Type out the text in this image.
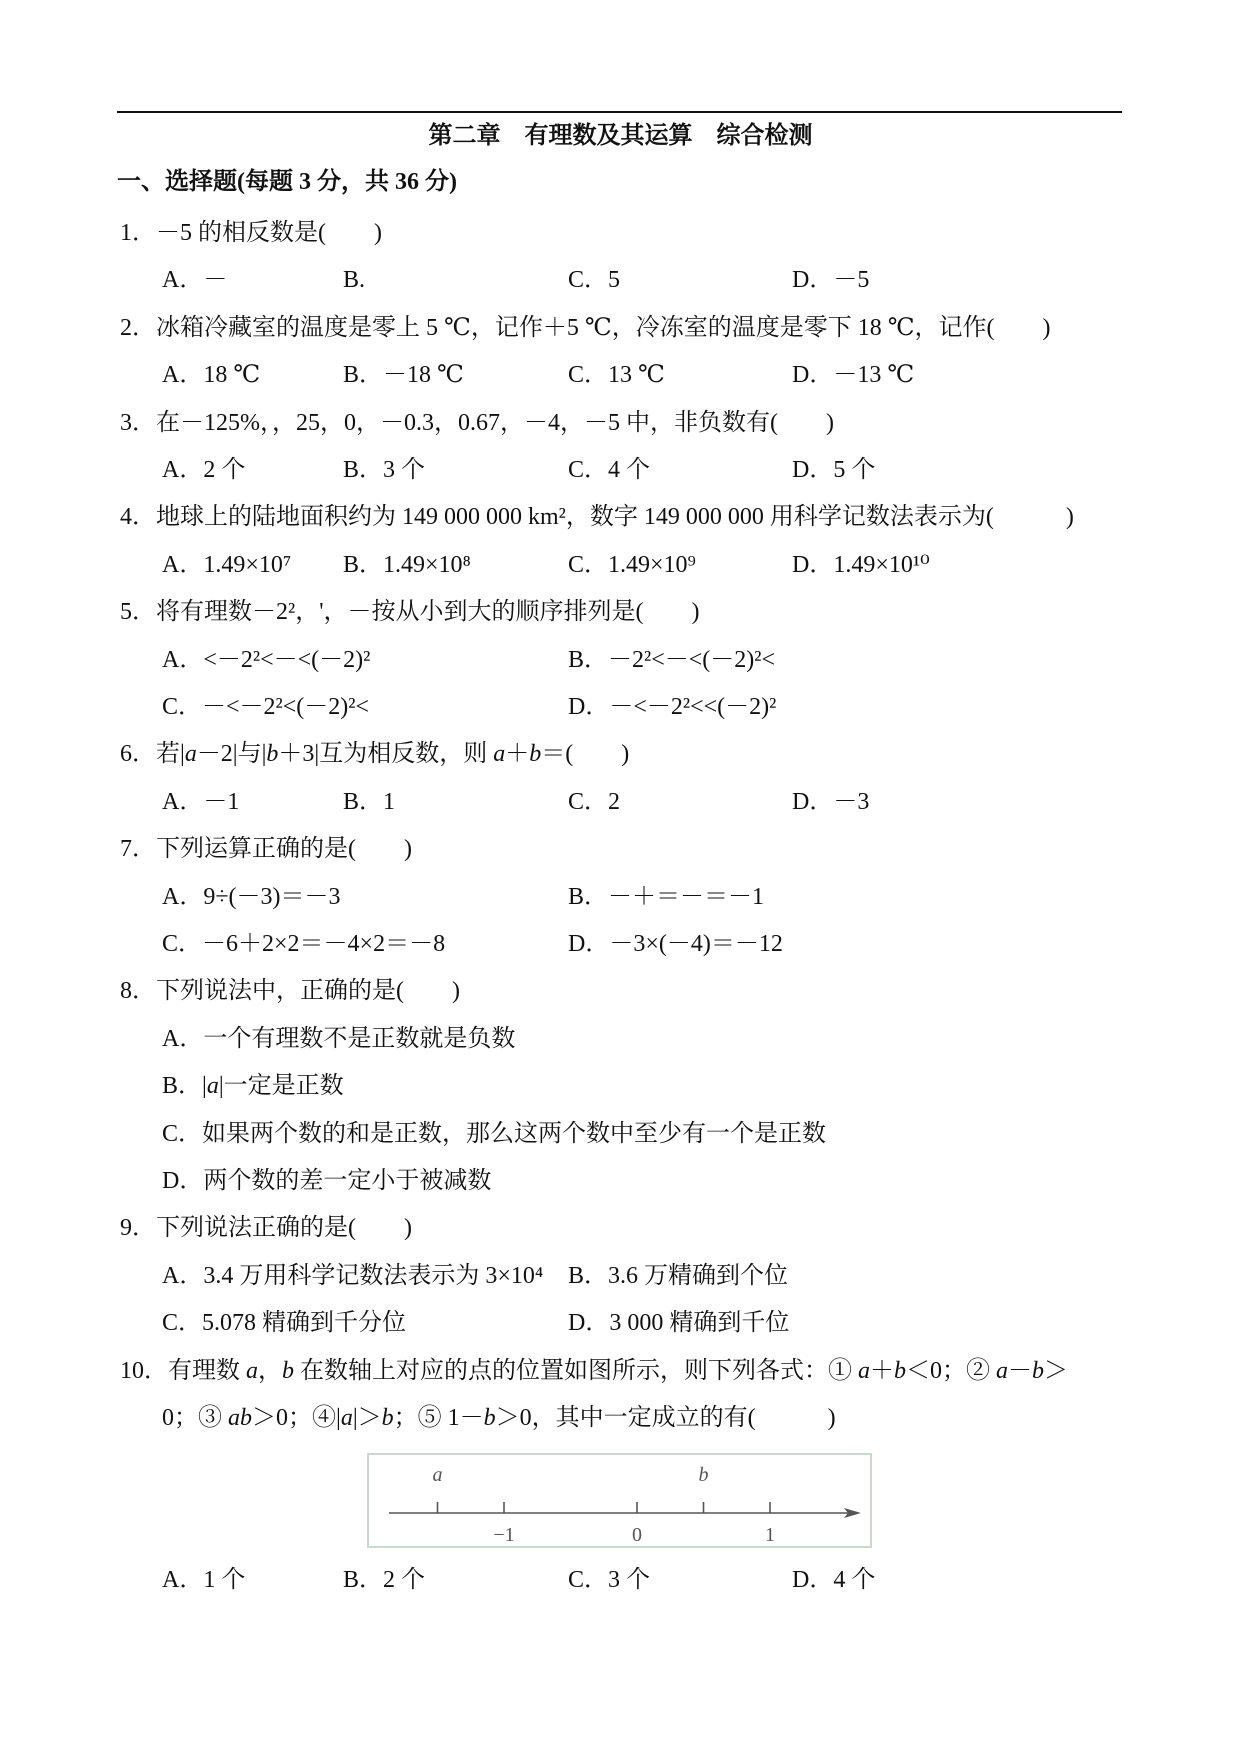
第二章　有理数及其运算　综合检测
一、选择题(每题 3 分，共 36 分)
1．－5 的相反数是(　　)
A．－	B.	C．5	D．－5
2．冰箱冷藏室的温度是零上 5 ℃，记作＋5 ℃，冷冻室的温度是零下 18 ℃，记作(　　)
A．18 ℃	B．－18 ℃	C．13 ℃	D．－13 ℃
3．在－125%，，25，0，－0.3，0.67，－4，－5 中，非负数有(　　)
A．2 个	B．3 个	C．4 个	D．5 个
4．地球上的陆地面积约为 149 000 000 km²，数字 149 000 000 用科学记数法表示为(　　　)
A．1.49×10⁷ B．1.49×10⁸	C．1.49×10⁹	D．1.49×10¹⁰
5．将有理数－2²，'，－按从小到大的顺序排列是(　　)
A．<－2²<－<(－2)²	B．－2²<－<(－2)²<
C．－<－2²<(－2)²<	D．－<－2²<<(－2)²
6．若|a－2|与|b＋3|互为相反数，则 a＋b＝(　　)
A．－1	B．1	C．2	D．－3
7．下列运算正确的是(　　)
A．9÷(－3)＝－3	B．－＋＝－＝－1
C．－6＋2×2＝－4×2＝－8	D．－3×(－4)＝－12
8．下列说法中，正确的是(　　)
A．一个有理数不是正数就是负数
B．|a|一定是正数
C．如果两个数的和是正数，那么这两个数中至少有一个是正数
D．两个数的差一定小于被减数
9．下列说法正确的是(　　)
A．3.4 万用科学记数法表示为 3×10⁴ B．3.6 万精确到个位
C．5.078 精确到千分位	D．3 000 精确到千位
10．有理数 a，b 在数轴上对应的点的位置如图所示，则下列各式：① a＋b＜0；② a－b＞
0；③ ab＞0；④|a|＞b；⑤ 1－b＞0，其中一定成立的有(　　　)
a
−1	0
b
1
A．1 个	B．2 个	C．3 个	D．4 个
